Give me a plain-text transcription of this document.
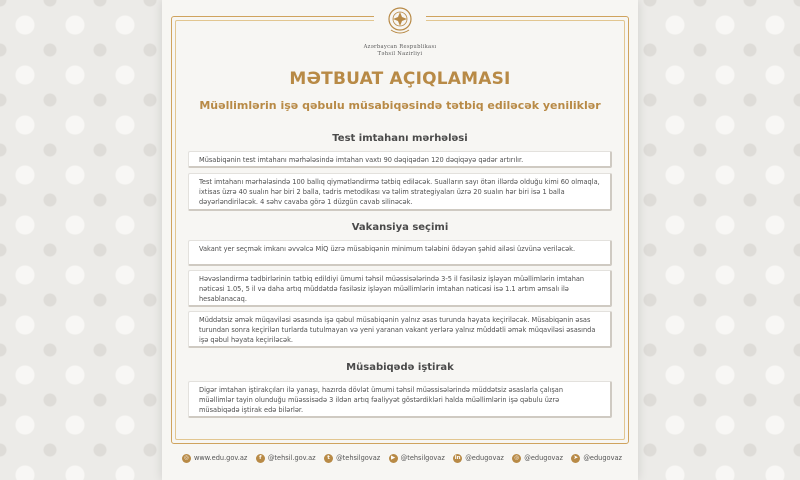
Azərbaycan Respublikası
Təhsil Nazirliyi
MƏTBUAT AÇIQLAMASI
Müəllimlərin işə qəbulu müsabiqəsində tətbiq ediləcək yeniliklər
Test imtahanı mərhələsi
Müsabiqənin test imtahanı mərhələsində imtahan vaxtı 90 dəqiqədən 120 dəqiqəyə qədər artırılır.
Test imtahanı mərhələsində 100 ballıq qiymətləndirmə tətbiq ediləcək. Sualların sayı ötən illərdə olduğu kimi 60 olmaqla, ixtisas üzrə 40 sualın hər biri 2 balla, tədris metodikası və təlim strategiyaları üzrə 20 sualın hər biri isə 1 balla dəyərləndiriləcək. 4 səhv cavaba görə 1 düzgün cavab silinəcək.
Vakansiya seçimi
Vakant yer seçmək imkanı əvvəlcə MİQ üzrə müsabiqənin minimum tələbini ödəyən şəhid ailəsi üzvünə veriləcək.
Həvəsləndirmə tədbirlərinin tətbiq edildiyi ümumi təhsil müəssisələrində 3-5 il fasiləsiz işləyən müəllimlərin imtahan nəticəsi 1.05, 5 il və daha artıq müddətdə fasiləsiz işləyən müəllimlərin imtahan nəticəsi isə 1.1 artım əmsalı ilə hesablanacaq.
Müddətsiz əmək müqaviləsi əsasında işə qəbul müsabiqənin yalnız əsas turunda həyata keçiriləcək. Müsabiqənin əsas turundan sonra keçirilən turlarda tutulmayan və yeni yaranan vakant yerlərə yalnız müddətli əmək müqaviləsi əsasında işə qəbul həyata keçiriləcək.
Müsabiqədə iştirak
Digər imtahan iştirakçıları ilə yanaşı, hazırda dövlət ümumi təhsil müəssisələrində müddətsiz əsaslarla çalışan müəllimlər tayin olunduğu müəssisədə 3 ildən artıq fəaliyyət göstərdikləri halda müəllimlərin işə qəbulu üzrə müsabiqədə iştirak edə bilərlər.
◎ www.edu.gov.az	f @tehsil.gov.az	t @tehsilgovaz	▶ @tehsilgovaz in @edugovaz	◎ @edugovaz	➤ @edugovaz
